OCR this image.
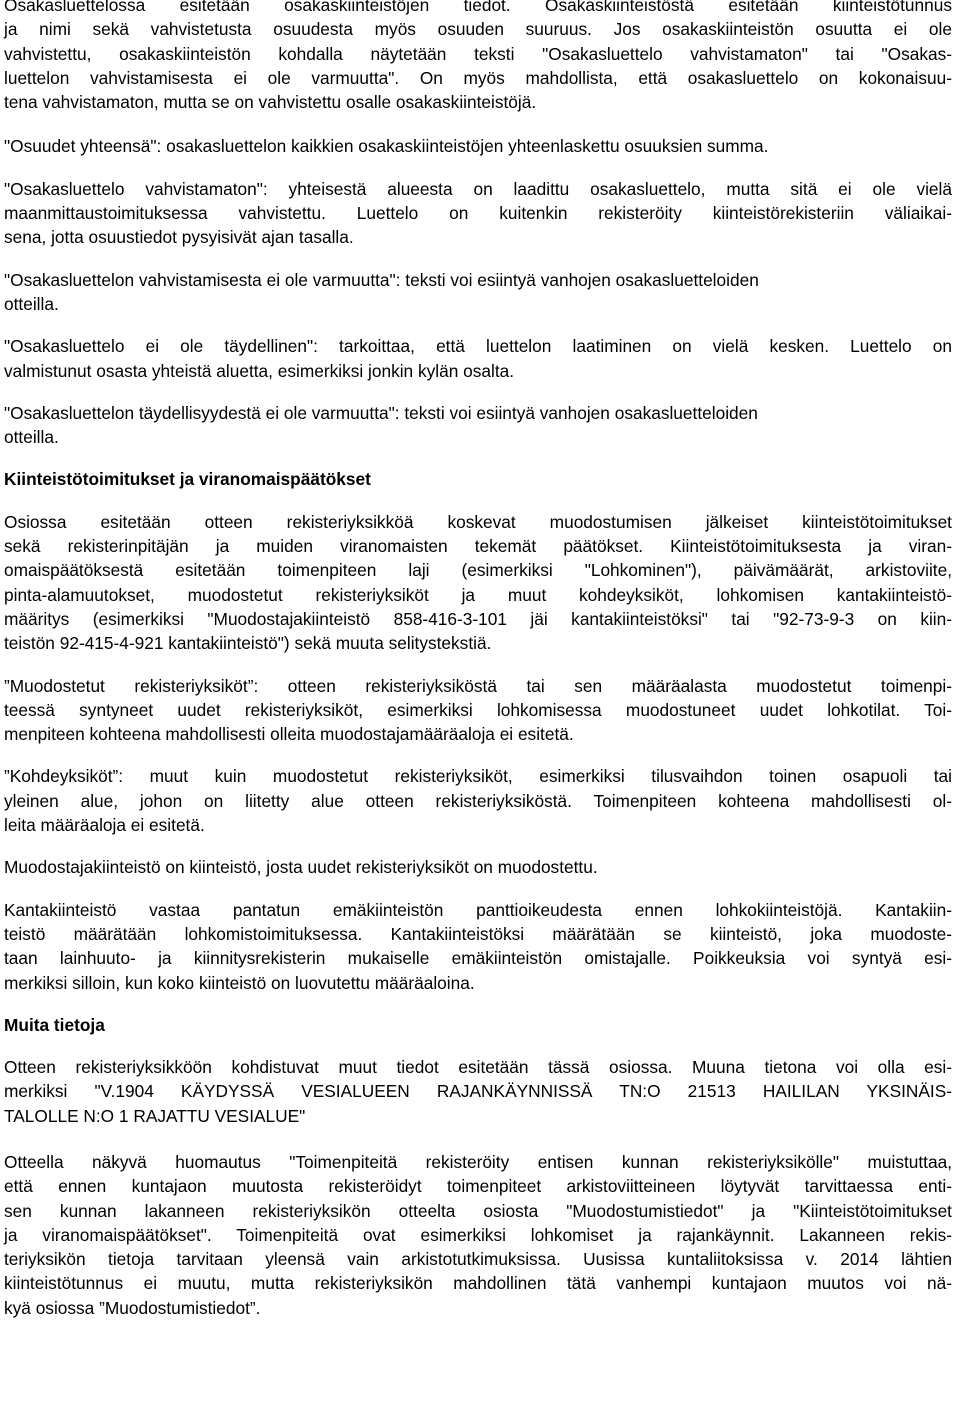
Osakasluettelossa esitetään osakaskiinteistöjen tiedot. Osakaskiinteistöstä esitetään kiinteistötunnus
ja nimi sekä vahvistetusta osuudesta myös osuuden suuruus. Jos osakaskiinteistön osuutta ei ole
vahvistettu, osakaskiinteistön kohdalla näytetään teksti "Osakasluettelo vahvistamaton" tai "Osakas-
luettelon vahvistamisesta ei ole varmuutta". On myös mahdollista, että osakasluettelo on kokonaisuu-
tena vahvistamaton, mutta se on vahvistettu osalle osakaskiinteistöjä.

"Osuudet yhteensä": osakasluettelon kaikkien osakaskiinteistöjen yhteenlaskettu osuuksien summa.

"Osakasluettelo vahvistamaton": yhteisestä alueesta on laadittu osakasluettelo, mutta sitä ei ole vielä
maanmittaustoimituksessa vahvistettu. Luettelo on kuitenkin rekisteröity kiinteistörekisteriin väliaikai-
sena, jotta osuustiedot pysyisivät ajan tasalla.

"Osakasluettelon vahvistamisesta ei ole varmuutta": teksti voi esiintyä vanhojen osakasluetteloiden
otteilla.

"Osakasluettelo ei ole täydellinen": tarkoittaa, että luettelon laatiminen on vielä kesken. Luettelo on
valmistunut osasta yhteistä aluetta, esimerkiksi jonkin kylän osalta.

"Osakasluettelon täydellisyydestä ei ole varmuutta": teksti voi esiintyä vanhojen osakasluetteloiden
otteilla.

Kiinteistötoimitukset ja viranomaispäätökset

Osiossa esitetään otteen rekisteriyksikköä koskevat muodostumisen jälkeiset kiinteistötoimitukset
sekä rekisterinpitäjän ja muiden viranomaisten tekemät päätökset. Kiinteistötoimituksesta ja viran-
omaispäätöksestä esitetään toimenpiteen laji (esimerkiksi "Lohkominen"), päivämäärät, arkistoviite,
pinta-alamuutokset, muodostetut rekisteriyksiköt ja muut kohdeyksiköt, lohkomisen kantakiinteistö-
määritys (esimerkiksi "Muodostajakiinteistö 858-416-3-101 jäi kantakiinteistöksi" tai "92-73-9-3 on kiin-
teistön 92-415-4-921 kantakiinteistö") sekä muuta selitystekstiä.

”Muodostetut rekisteriyksiköt”: otteen rekisteriyksiköstä tai sen määräalasta muodostetut toimenpi-
teessä syntyneet uudet rekisteriyksiköt, esimerkiksi lohkomisessa muodostuneet uudet lohkotilat. Toi-
menpiteen kohteena mahdollisesti olleita muodostajamääräaloja ei esitetä.

”Kohdeyksiköt”: muut kuin muodostetut rekisteriyksiköt, esimerkiksi tilusvaihdon toinen osapuoli tai
yleinen alue, johon on liitetty alue otteen rekisteriyksiköstä. Toimenpiteen kohteena mahdollisesti ol-
leita määräaloja ei esitetä.

Muodostajakiinteistö on kiinteistö, josta uudet rekisteriyksiköt on muodostettu.

Kantakiinteistö vastaa pantatun emäkiinteistön panttioikeudesta ennen lohkokiinteistöjä. Kantakiin-
teistö määrätään lohkomistoimituksessa. Kantakiinteistöksi määrätään se kiinteistö, joka muodoste-
taan lainhuuto- ja kiinnitysrekisterin mukaiselle emäkiinteistön omistajalle. Poikkeuksia voi syntyä esi-
merkiksi silloin, kun koko kiinteistö on luovutettu määräaloina.

Muita tietoja

Otteen rekisteriyksikköön kohdistuvat muut tiedot esitetään tässä osiossa. Muuna tietona voi olla esi-
merkiksi "V.1904 KÄYDYSSÄ VESIALUEEN RAJANKÄYNNISSÄ TN:O 21513 HAILILAN YKSINÄIS-
TALOLLE N:O 1 RAJATTU VESIALUE"

Otteella näkyvä huomautus "Toimenpiteitä rekisteröity entisen kunnan rekisteriyksikölle" muistuttaa,
että ennen kuntajaon muutosta rekisteröidyt toimenpiteet arkistoviitteineen löytyvät tarvittaessa enti-
sen kunnan lakanneen rekisteriyksikön otteelta osiosta "Muodostumistiedot" ja "Kiinteistötoimitukset
ja viranomaispäätökset". Toimenpiteitä ovat esimerkiksi lohkomiset ja rajankäynnit. Lakanneen rekis-
teriyksikön tietoja tarvitaan yleensä vain arkistotutkimuksissa. Uusissa kuntaliitoksissa v. 2014 lähtien
kiinteistötunnus ei muutu, mutta rekisteriyksikön mahdollinen tätä vanhempi kuntajaon muutos voi nä-
kyä osiossa ”Muodostumistiedot”.
